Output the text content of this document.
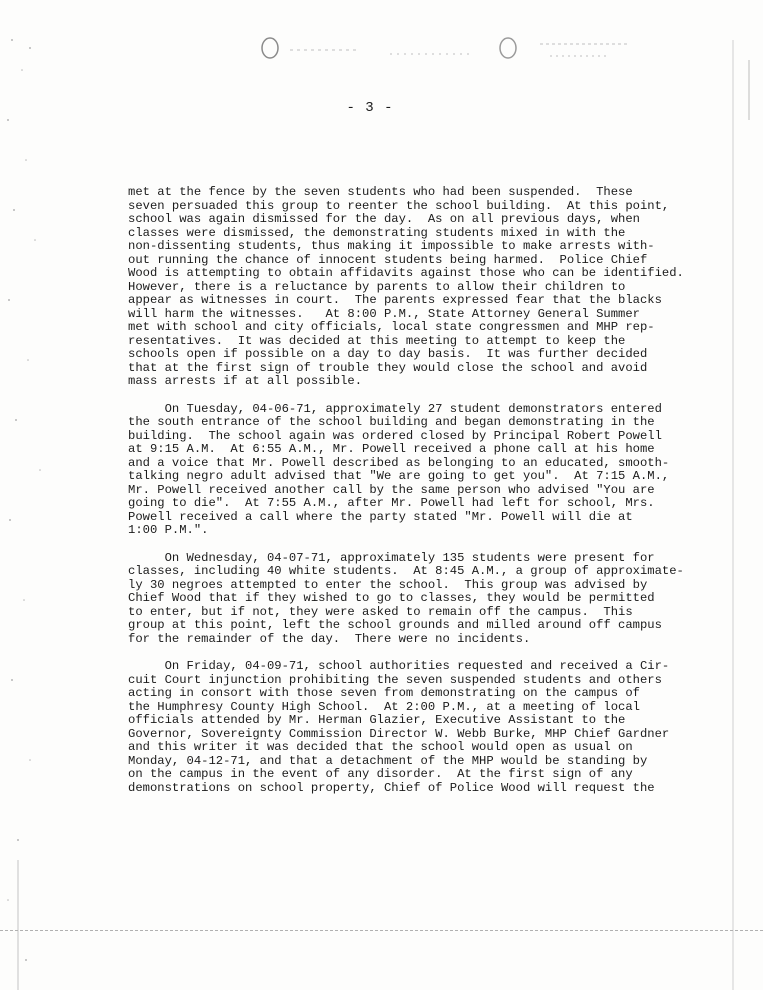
- 3 -
met at the fence by the seven students who had been suspended.  These
seven persuaded this group to reenter the school building.  At this point,
school was again dismissed for the day.  As on all previous days, when
classes were dismissed, the demonstrating students mixed in with the
non-dissenting students, thus making it impossible to make arrests with-
out running the chance of innocent students being harmed.  Police Chief
Wood is attempting to obtain affidavits against those who can be identified.
However, there is a reluctance by parents to allow their children to
appear as witnesses in court.  The parents expressed fear that the blacks
will harm the witnesses.   At 8:00 P.M., State Attorney General Summer
met with school and city officials, local state congressmen and MHP rep-
resentatives.  It was decided at this meeting to attempt to keep the
schools open if possible on a day to day basis.  It was further decided
that at the first sign of trouble they would close the school and avoid
mass arrests if at all possible.
On Tuesday, 04-06-71, approximately 27 student demonstrators entered
the south entrance of the school building and began demonstrating in the
building.  The school again was ordered closed by Principal Robert Powell
at 9:15 A.M.  At 6:55 A.M., Mr. Powell received a phone call at his home
and a voice that Mr. Powell described as belonging to an educated, smooth-
talking negro adult advised that "We are going to get you".  At 7:15 A.M.,
Mr. Powell received another call by the same person who advised "You are
going to die".  At 7:55 A.M., after Mr. Powell had left for school, Mrs.
Powell received a call where the party stated "Mr. Powell will die at
1:00 P.M.".
On Wednesday, 04-07-71, approximately 135 students were present for
classes, including 40 white students.  At 8:45 A.M., a group of approximate-
ly 30 negroes attempted to enter the school.  This group was advised by
Chief Wood that if they wished to go to classes, they would be permitted
to enter, but if not, they were asked to remain off the campus.  This
group at this point, left the school grounds and milled around off campus
for the remainder of the day.  There were no incidents.
On Friday, 04-09-71, school authorities requested and received a Cir-
cuit Court injunction prohibiting the seven suspended students and others
acting in consort with those seven from demonstrating on the campus of
the Humphresy County High School.  At 2:00 P.M., at a meeting of local
officials attended by Mr. Herman Glazier, Executive Assistant to the
Governor, Sovereignty Commission Director W. Webb Burke, MHP Chief Gardner
and this writer it was decided that the school would open as usual on
Monday, 04-12-71, and that a detachment of the MHP would be standing by
on the campus in the event of any disorder.  At the first sign of any
demonstrations on school property, Chief of Police Wood will request the
